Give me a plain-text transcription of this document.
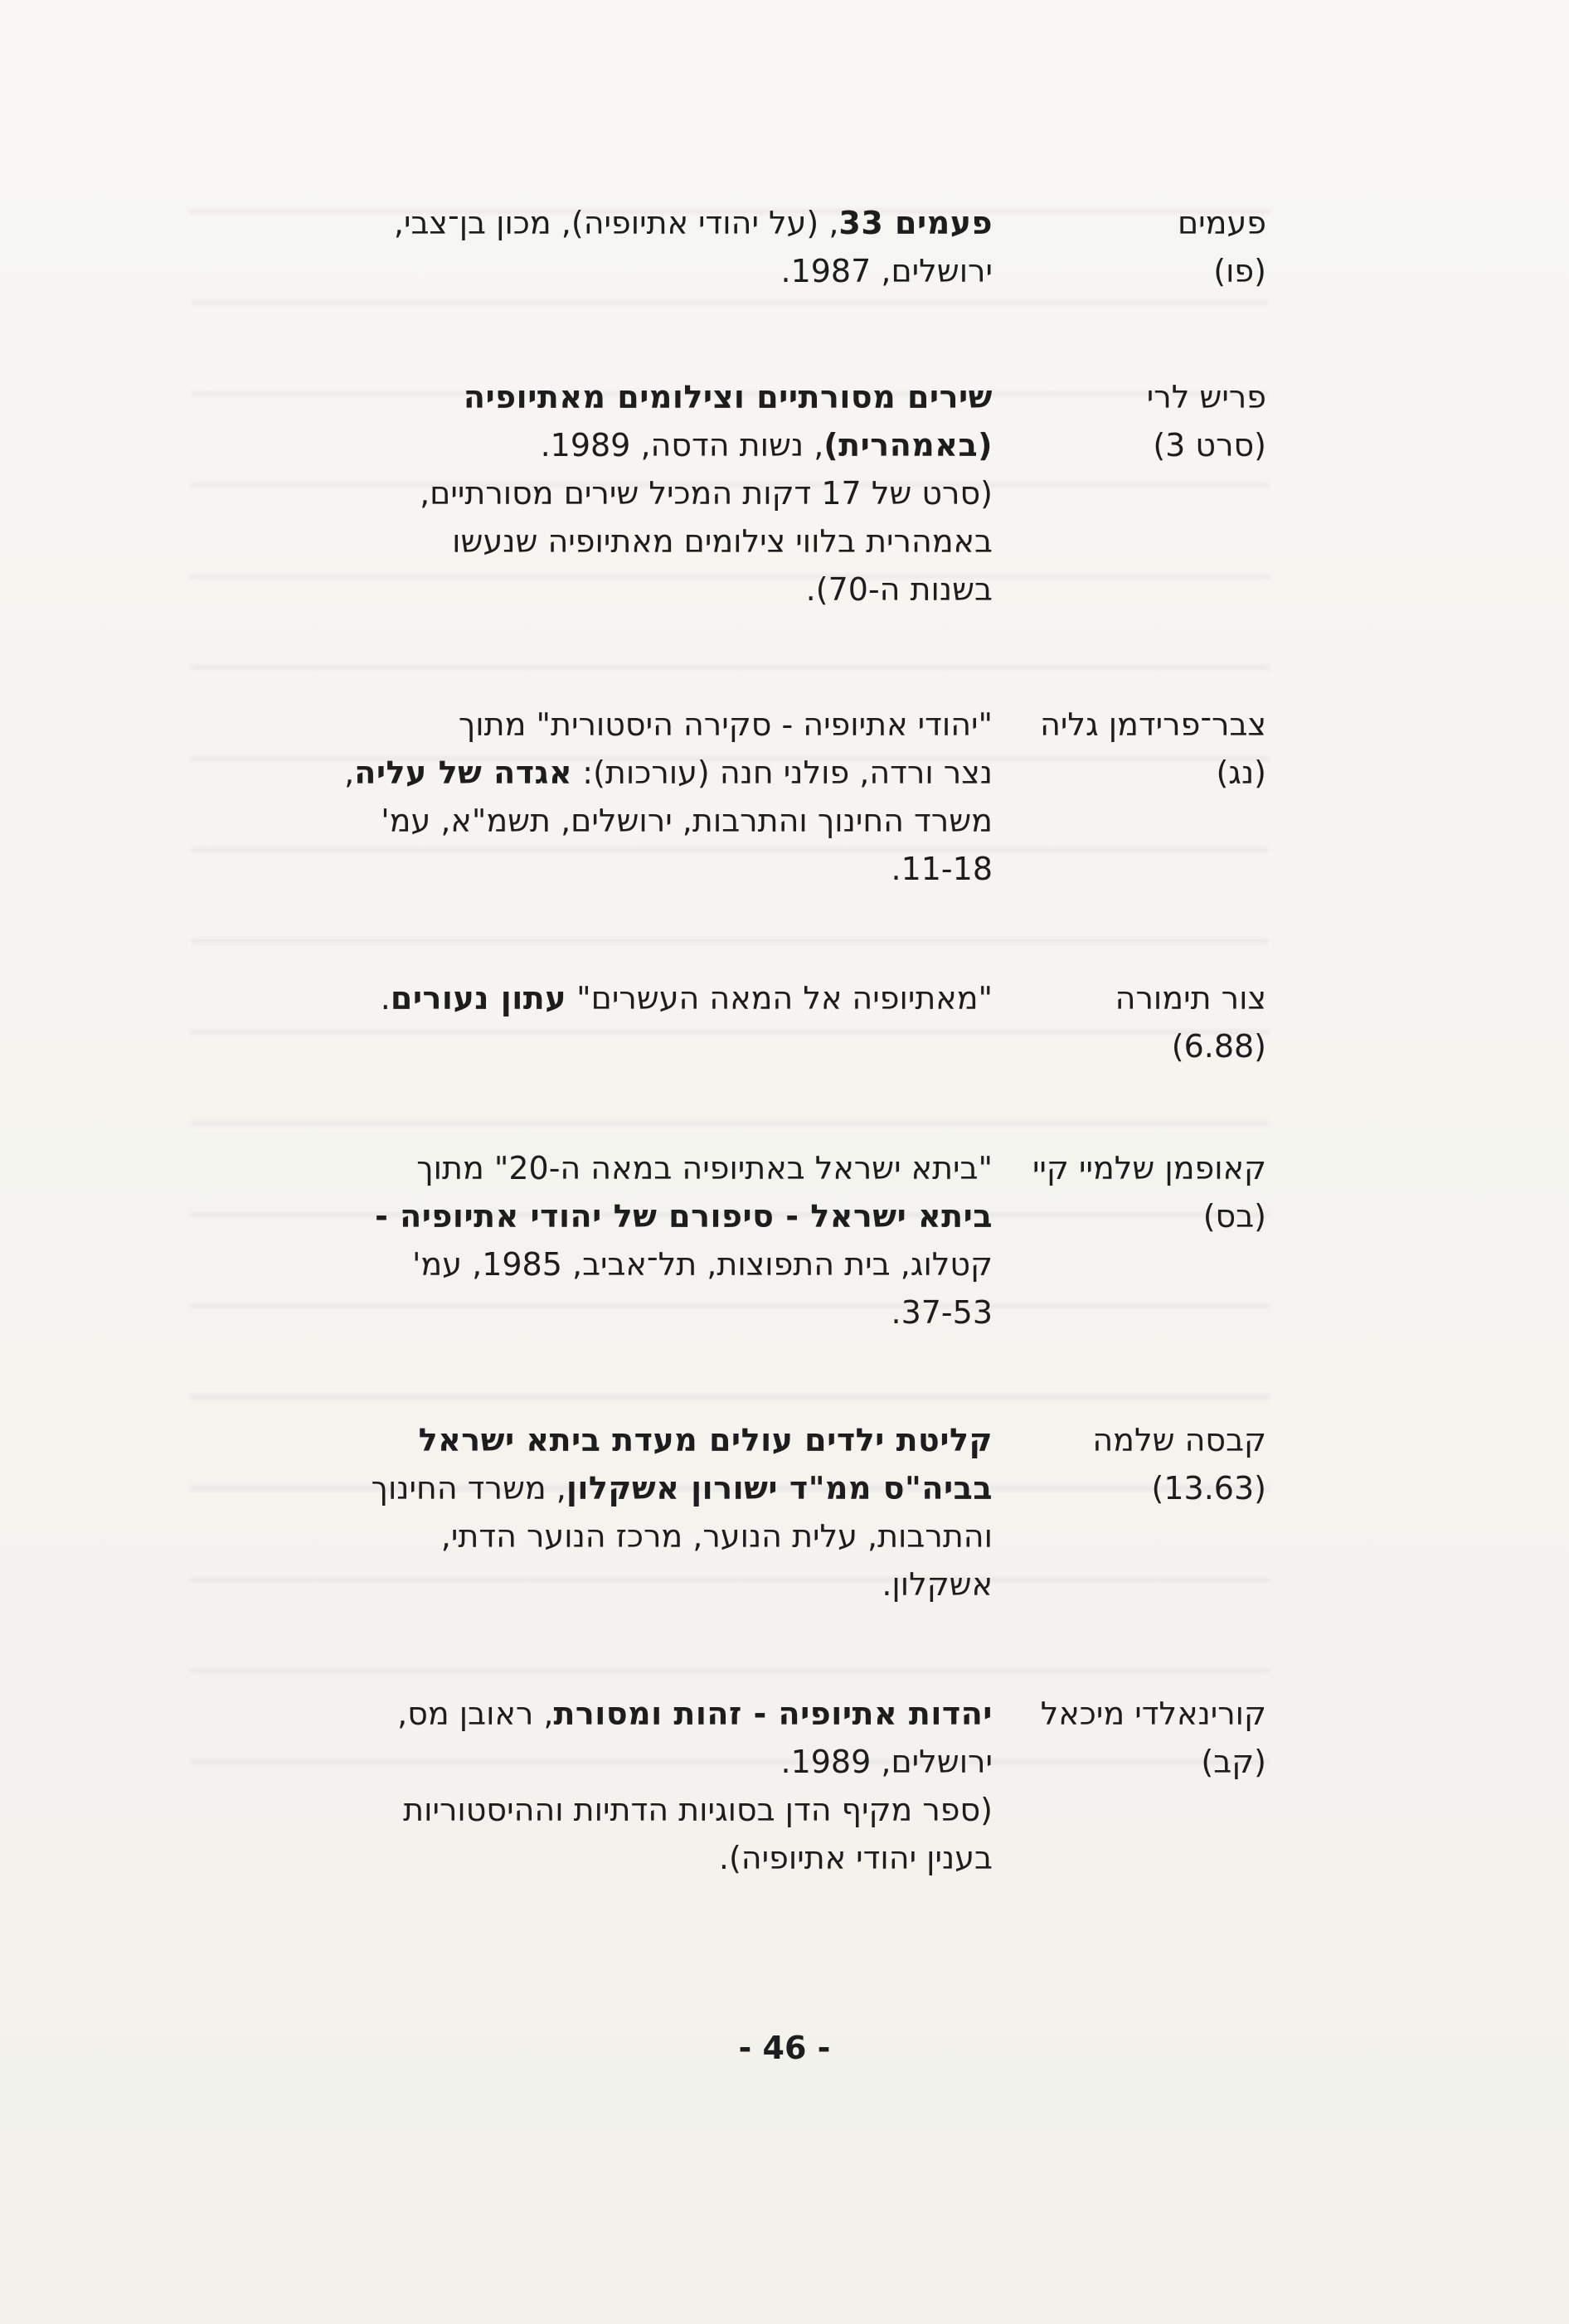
פעמים
(פו)
פעמים 33, (על יהודי אתיופיה), מכון בן־צבי,
ירושלים, 1987.
פריש לרי
(סרט 3)
שירים מסורתיים וצילומים מאתיופיה
(באמהרית), נשות הדסה, 1989.
(סרט של 17 דקות המכיל שירים מסורתיים,
באמהרית בלווי צילומים מאתיופיה שנעשו
בשנות ה-70).
צבר־פרידמן גליה
(נג)
"יהודי אתיופיה - סקירה היסטורית" מתוך
נצר ורדה, פולני חנה (עורכות): אגדה של עליה,
משרד החינוך והתרבות, ירושלים, תשמ"א, עמ'
11-18.
צור תימורה
(6.88)
"מאתיופיה אל המאה העשרים" עתון נעורים.
קאופמן שלמיי קיי
(בס)
"ביתא ישראל באתיופיה במאה ה-20" מתוך
ביתא ישראל - סיפורם של יהודי אתיופיה -
קטלוג, בית התפוצות, תל־אביב, 1985, עמ'
37-53.
קבסה שלמה
(13.63)
קליטת ילדים עולים מעדת ביתא ישראל
בביה"ס ממ"ד ישורון אשקלון, משרד החינוך
והתרבות, עלית הנוער, מרכז הנוער הדתי,
אשקלון.
קורינאלדי מיכאל
(קב)
יהדות אתיופיה - זהות ומסורת, ראובן מס,
ירושלים, 1989.
(ספר מקיף הדן בסוגיות הדתיות וההיסטוריות
בענין יהודי אתיופיה).
- 46 -
